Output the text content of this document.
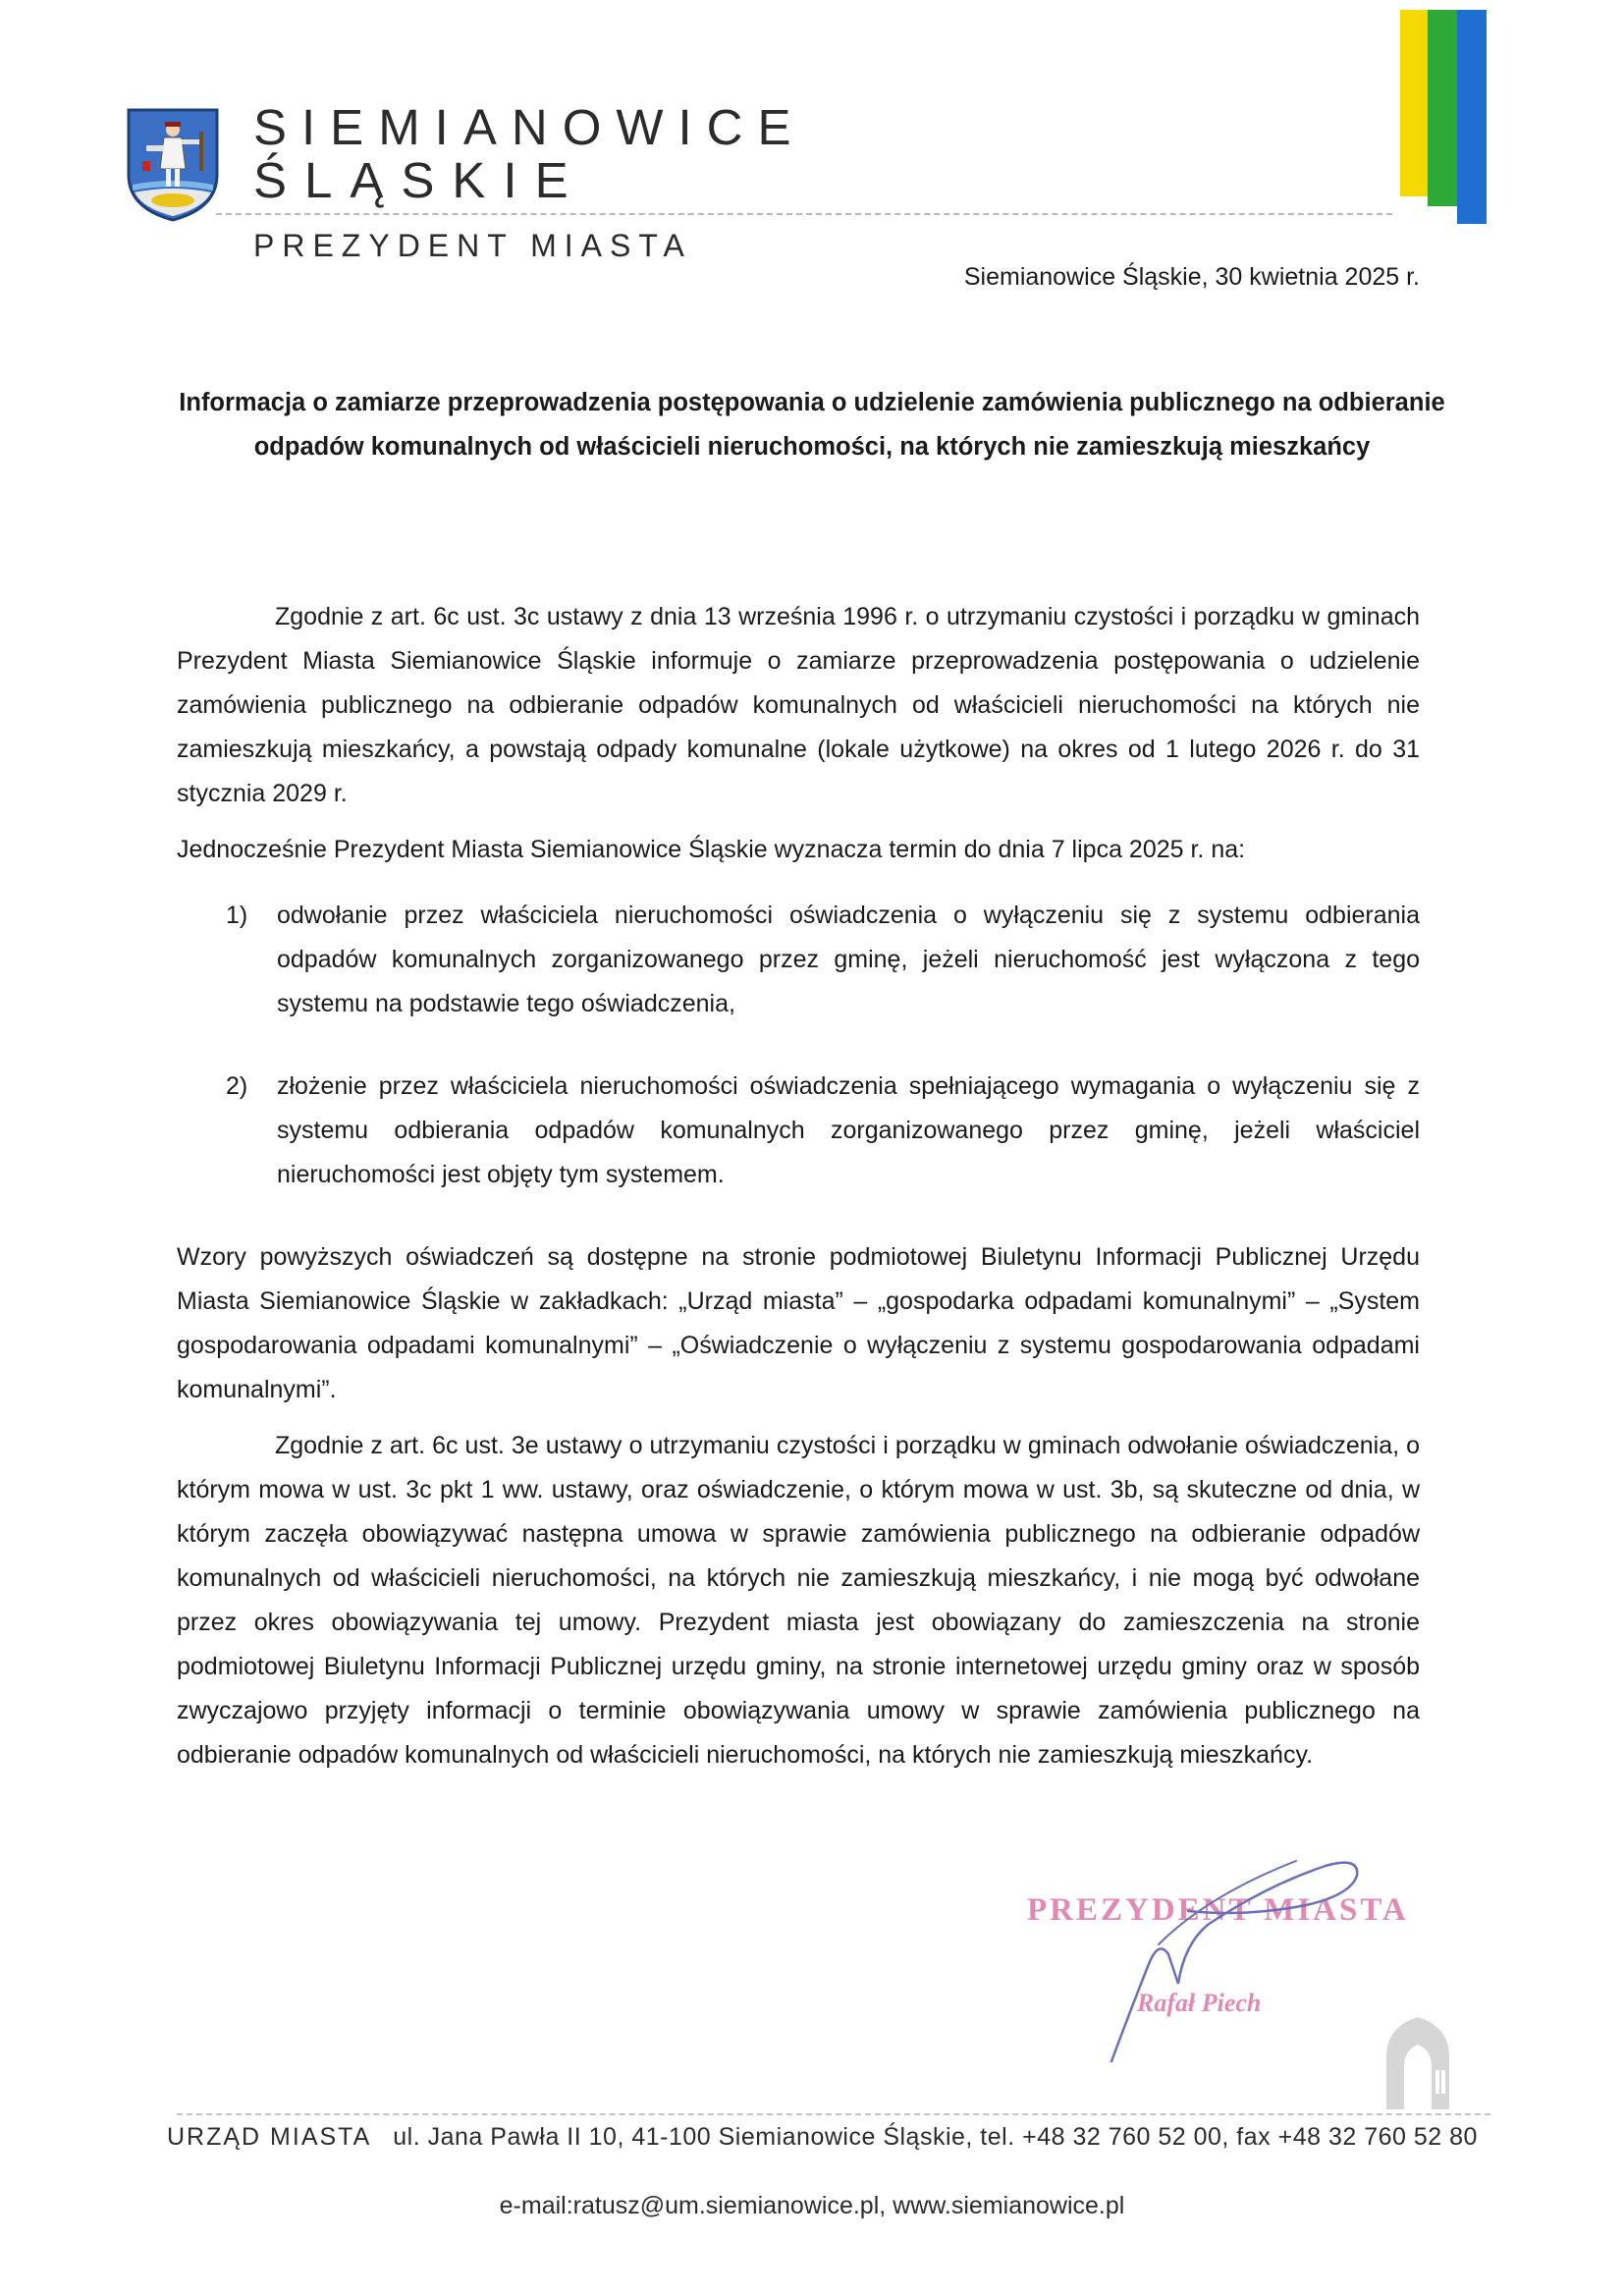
SIEMIANOWICE
ŚLĄSKIE
PREZYDENT MIASTA
Siemianowice Śląskie, 30 kwietnia 2025 r.
Informacja o zamiarze przeprowadzenia postępowania o udzielenie zamówienia publicznego na odbieranie odpadów komunalnych od właścicieli nieruchomości, na których nie zamieszkują mieszkańcy
Zgodnie z art. 6c ust. 3c ustawy z dnia 13 września 1996 r. o utrzymaniu czystości i porządku w gminach Prezydent Miasta Siemianowice Śląskie informuje o zamiarze przeprowadzenia postępowania o udzielenie zamówienia publicznego na odbieranie odpadów komunalnych od właścicieli nieruchomości na których nie zamieszkują mieszkańcy, a powstają odpady komunalne (lokale użytkowe) na okres od 1 lutego 2026 r. do 31 stycznia 2029 r.
Jednocześnie Prezydent Miasta Siemianowice Śląskie wyznacza termin do dnia 7 lipca 2025 r. na:
1) odwołanie przez właściciela nieruchomości oświadczenia o wyłączeniu się z systemu odbierania odpadów komunalnych zorganizowanego przez gminę, jeżeli nieruchomość jest wyłączona z tego systemu na podstawie tego oświadczenia,
2) złożenie przez właściciela nieruchomości oświadczenia spełniającego wymagania o wyłączeniu się z systemu odbierania odpadów komunalnych zorganizowanego przez gminę, jeżeli właściciel nieruchomości jest objęty tym systemem.
Wzory powyższych oświadczeń są dostępne na stronie podmiotowej Biuletynu Informacji Publicznej Urzędu Miasta Siemianowice Śląskie w zakładkach: „Urząd miasta” – „gospodarka odpadami komunalnymi” – „System gospodarowania odpadami komunalnymi” – „Oświadczenie o wyłączeniu z systemu gospodarowania odpadami komunalnymi”.
Zgodnie z art. 6c ust. 3e ustawy o utrzymaniu czystości i porządku w gminach odwołanie oświadczenia, o którym mowa w ust. 3c pkt 1 ww. ustawy, oraz oświadczenie, o którym mowa w ust. 3b, są skuteczne od dnia, w którym zaczęła obowiązywać następna umowa w sprawie zamówienia publicznego na odbieranie odpadów komunalnych od właścicieli nieruchomości, na których nie zamieszkują mieszkańcy, i nie mogą być odwołane przez okres obowiązywania tej umowy. Prezydent miasta jest obowiązany do zamieszczenia na stronie podmiotowej Biuletynu Informacji Publicznej urzędu gminy, na stronie internetowej urzędu gminy oraz w sposób zwyczajowo przyjęty informacji o terminie obowiązywania umowy w sprawie zamówienia publicznego na odbieranie odpadów komunalnych od właścicieli nieruchomości, na których nie zamieszkują mieszkańcy.
PREZYDENT MIASTA
Rafał Piech
URZĄD MIASTA ul. Jana Pawła II 10, 41-100 Siemianowice Śląskie, tel. +48 32 760 52 00, fax +48 32 760 52 80
e-mail:ratusz@um.siemianowice.pl, www.siemianowice.pl
